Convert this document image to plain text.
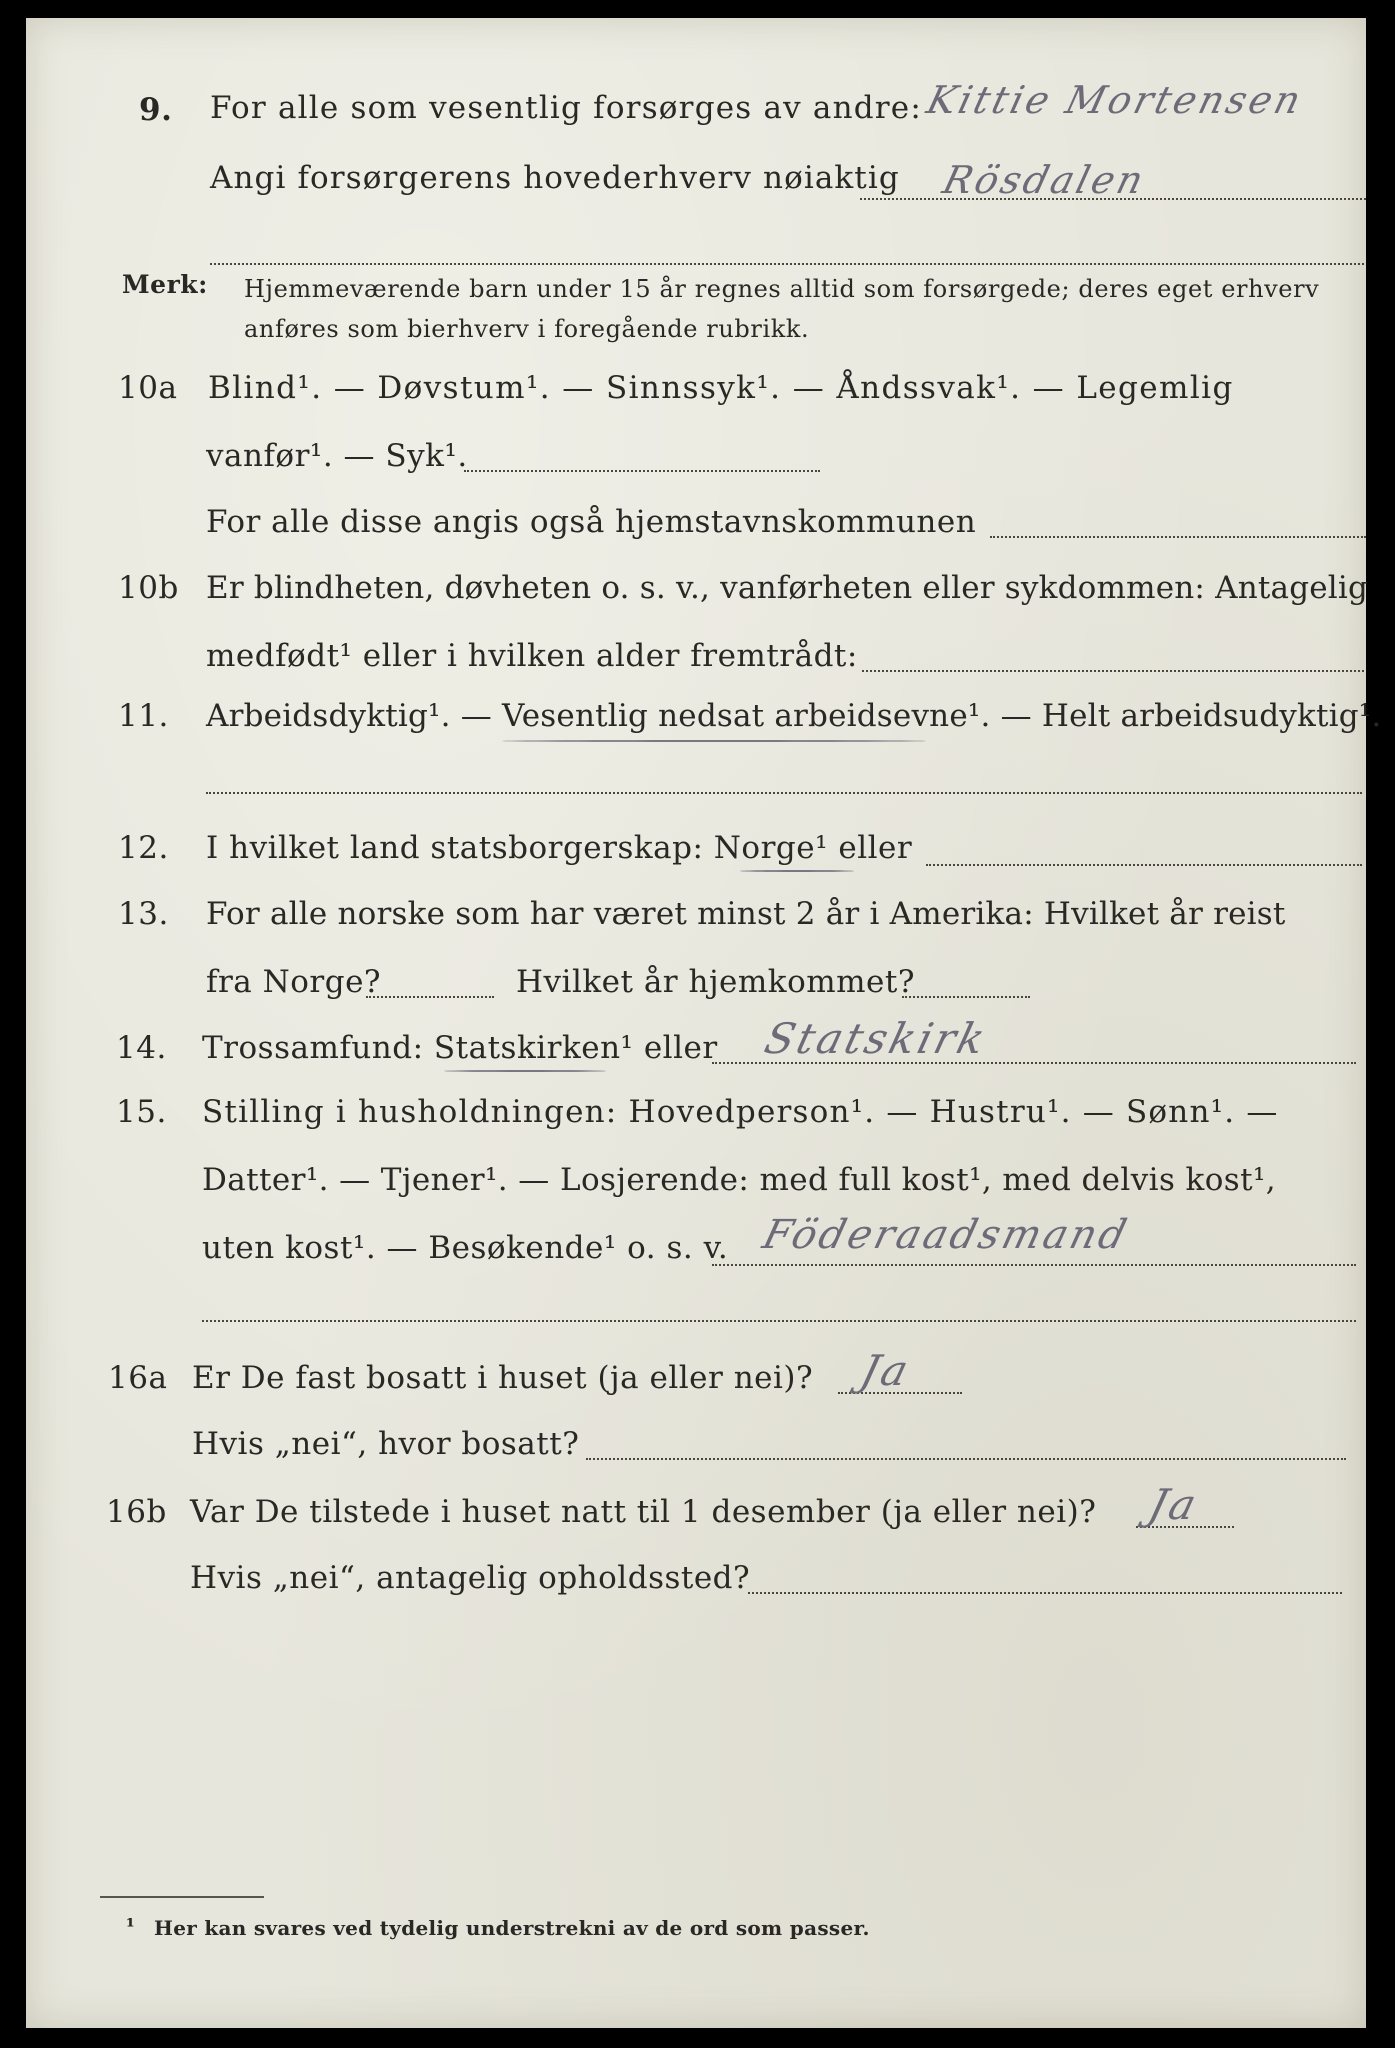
9. For alle som vesentlig forsørges av andre: Kittie Mortensen
Angi forsørgerens hovederhverv nøiaktig Rösdalen
Merk: Hjemmeværende barn under 15 år regnes alltid som forsørgede; deres eget erhverv
anføres som bierhverv i foregående rubrikk.
10a Blind¹. — Døvstum¹. — Sinnssyk¹. — Åndssvak¹. — Legemlig
vanfør¹. — Syk¹.
For alle disse angis også hjemstavnskommunen
10b Er blindheten, døvheten o. s. v., vanførheten eller sykdommen: Antagelig
medfødt¹ eller i hvilken alder fremtrådt:
11. Arbeidsdyktig¹. — Vesentlig nedsat arbeidsevne¹. — Helt arbeidsudyktig¹.
12. I hvilket land statsborgerskap: Norge¹ eller
13. For alle norske som har været minst 2 år i Amerika: Hvilket år reist
fra Norge?	Hvilket år hjemkommet?
14. Trossamfund: Statskirken¹ eller Statskirk
15. Stilling i husholdningen: Hovedperson¹. — Hustru¹. — Sønn¹. —
Datter¹. — Tjener¹. — Losjerende: med full kost¹, med delvis kost¹,
uten kost¹. — Besøkende¹ o. s. v. Föderaadsmand
16a Er De fast bosatt i huset (ja eller nei)? Ja
Hvis „nei“, hvor bosatt?
16b Var De tilstede i huset natt til 1 desember (ja eller nei)? Ja
Hvis „nei“, antagelig opholdssted?
¹ Her kan svares ved tydelig understrekni av de ord som passer.
